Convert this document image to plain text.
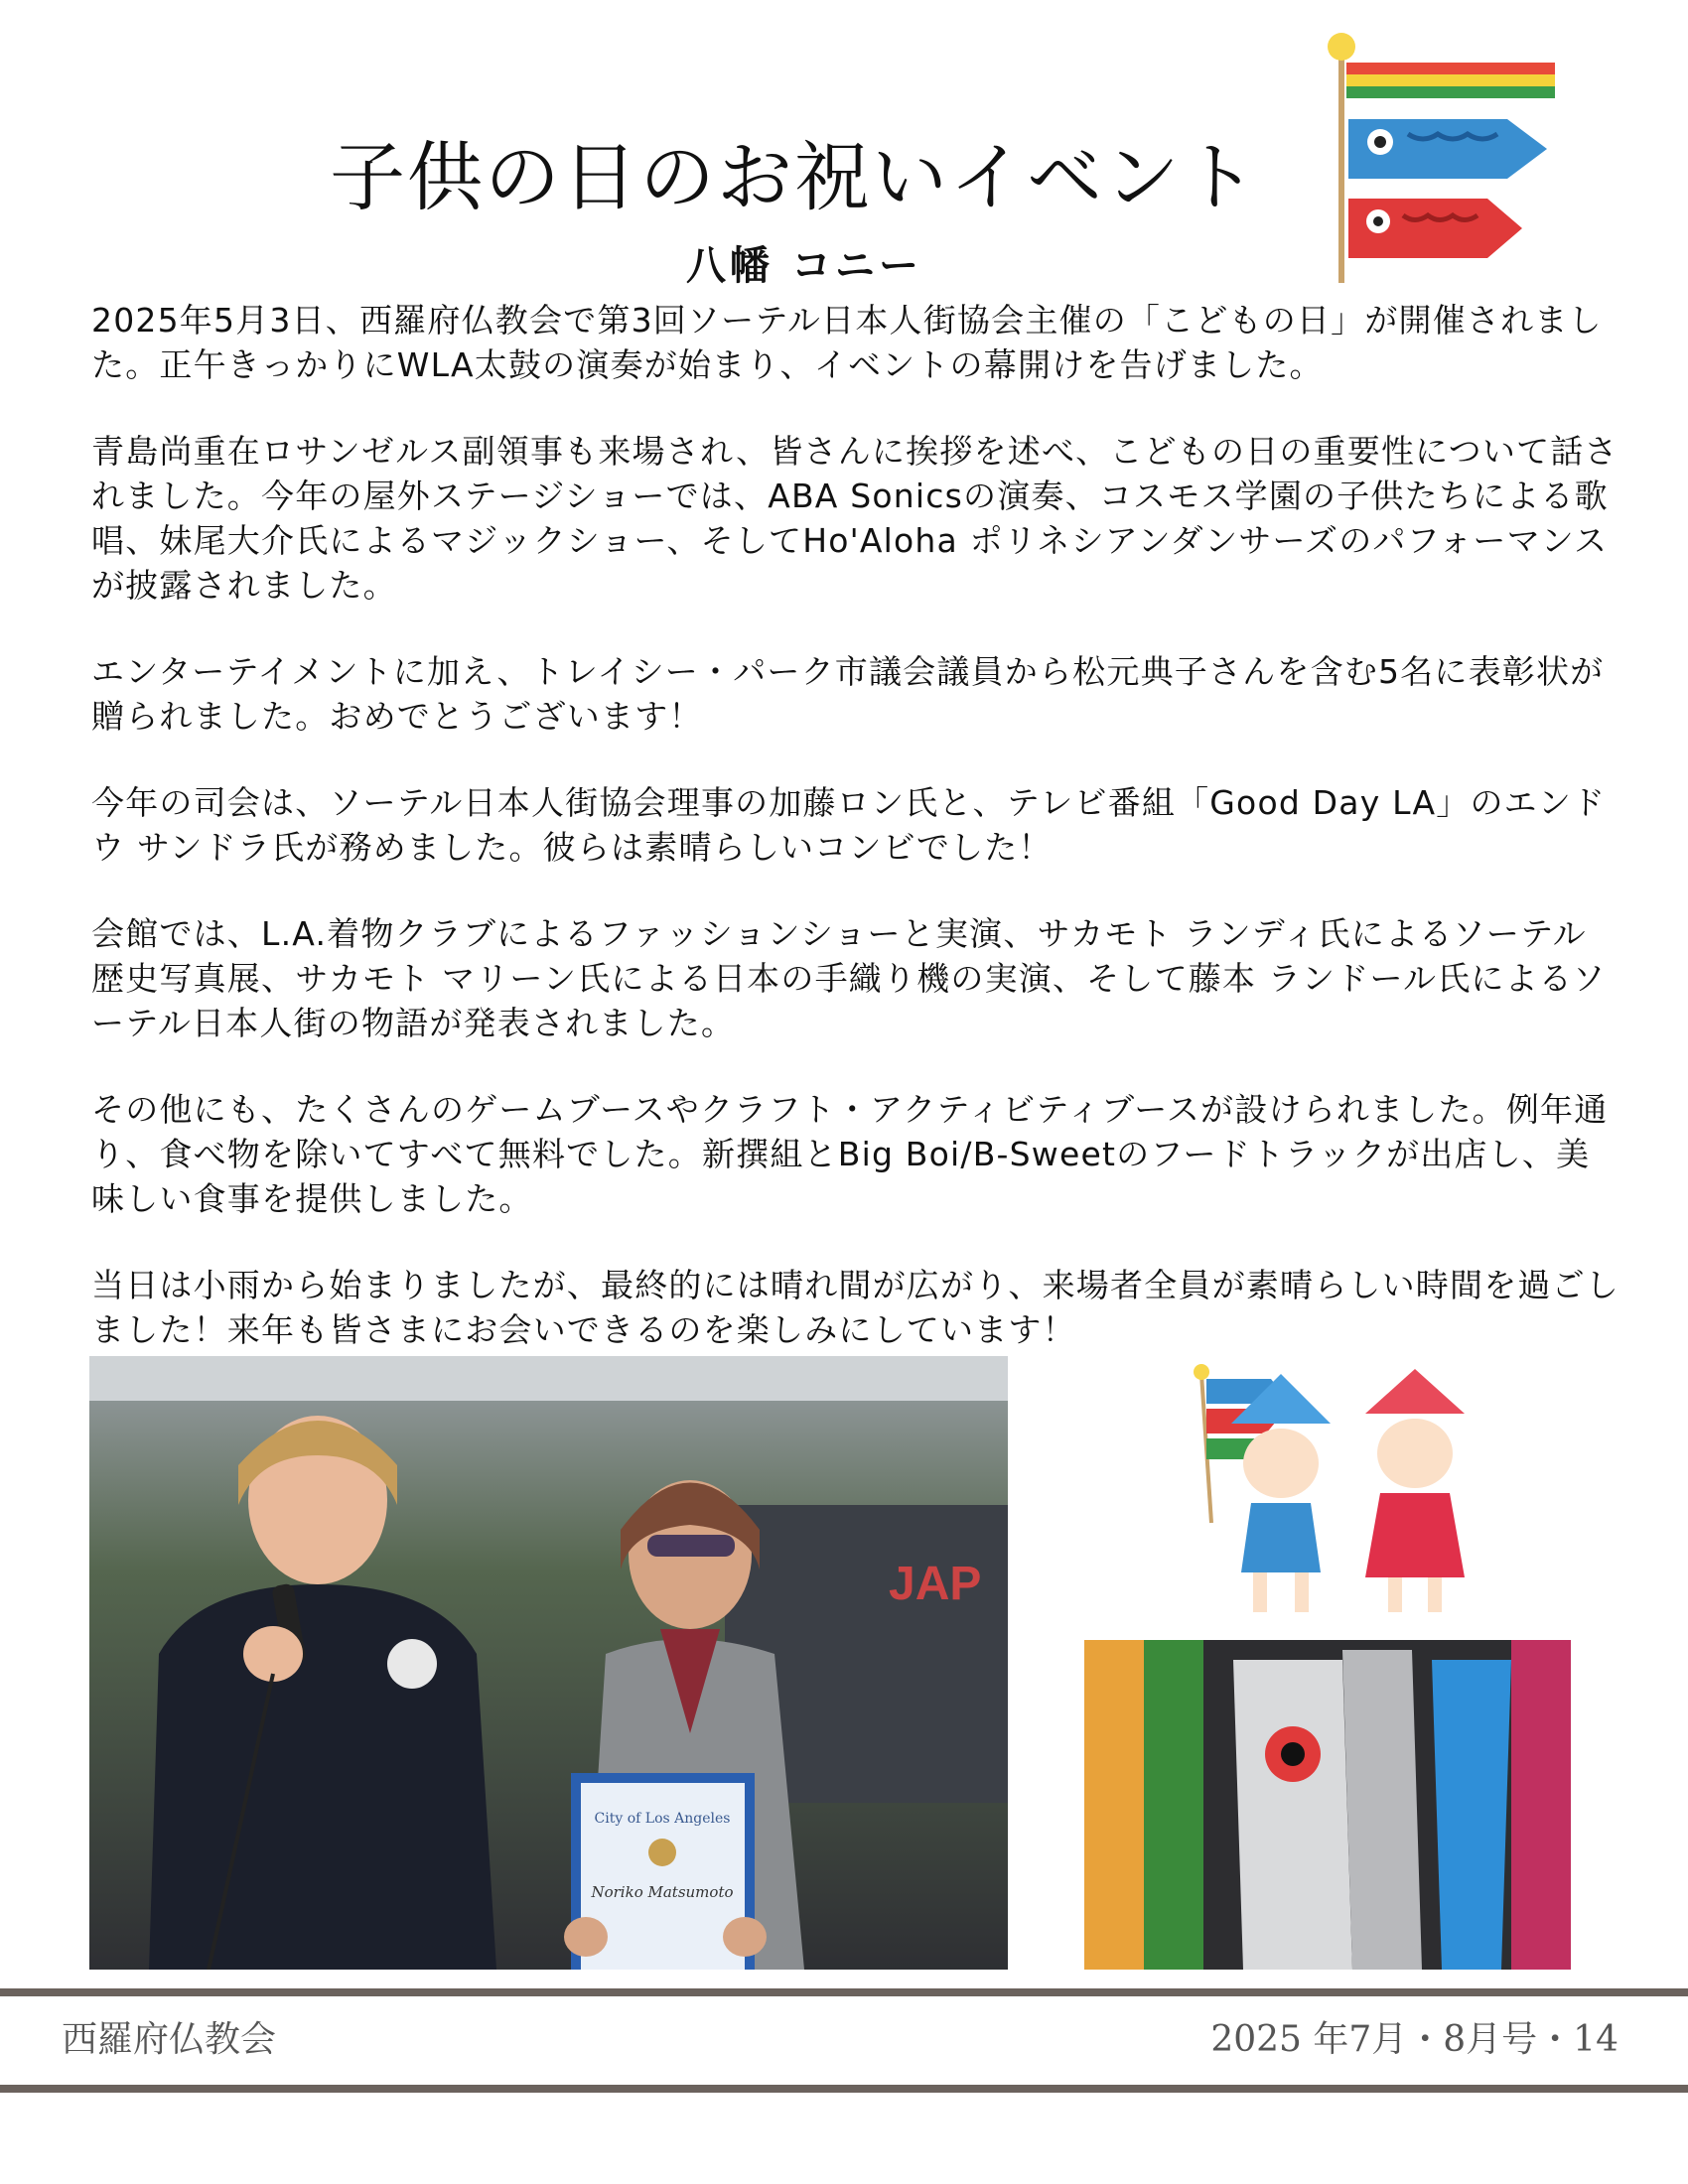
子供の日のお祝いイベント
八幡 コニー

2025年5月3日、西羅府仏教会で第3回ソーテル日本人街協会主催の「こどもの日」が開催されました。正午きっかりにWLA太鼓の演奏が始まり、イベントの幕開けを告げました。

青島尚重在ロサンゼルス副領事も来場され、皆さんに挨拶を述べ、こどもの日の重要性について話されました。今年の屋外ステージショーでは、ABA Sonicsの演奏、コスモス学園の子供たちによる歌唱、妹尾大介氏によるマジックショー、そしてHo'Aloha ポリネシアンダンサーズのパフォーマンスが披露されました。

エンターテイメントに加え、トレイシー・パーク市議会議員から松元典子さんを含む5名に表彰状が贈られました。おめでとうございます！

今年の司会は、ソーテル日本人街協会理事の加藤ロン氏と、テレビ番組「Good Day LA」のエンドウ サンドラ氏が務めました。彼らは素晴らしいコンビでした！

会館では、L.A.着物クラブによるファッションショーと実演、サカモト ランディ氏によるソーテル歴史写真展、サカモト マリーン氏による日本の手織り機の実演、そして藤本 ランドール氏によるソーテル日本人街の物語が発表されました。

その他にも、たくさんのゲームブースやクラフト・アクティビティブースが設けられました。例年通り、食べ物を除いてすべて無料でした。新撰組とBig Boi/B-Sweetのフードトラックが出店し、美味しい食事を提供しました。

当日は小雨から始まりましたが、最終的には晴れ間が広がり、来場者全員が素晴らしい時間を過ごしました！来年も皆さまにお会いできるのを楽しみにしています！

JAP
City of Los Angeles
Noriko Matsumoto
西羅府仏教会	2025 年7月・8月号・14
